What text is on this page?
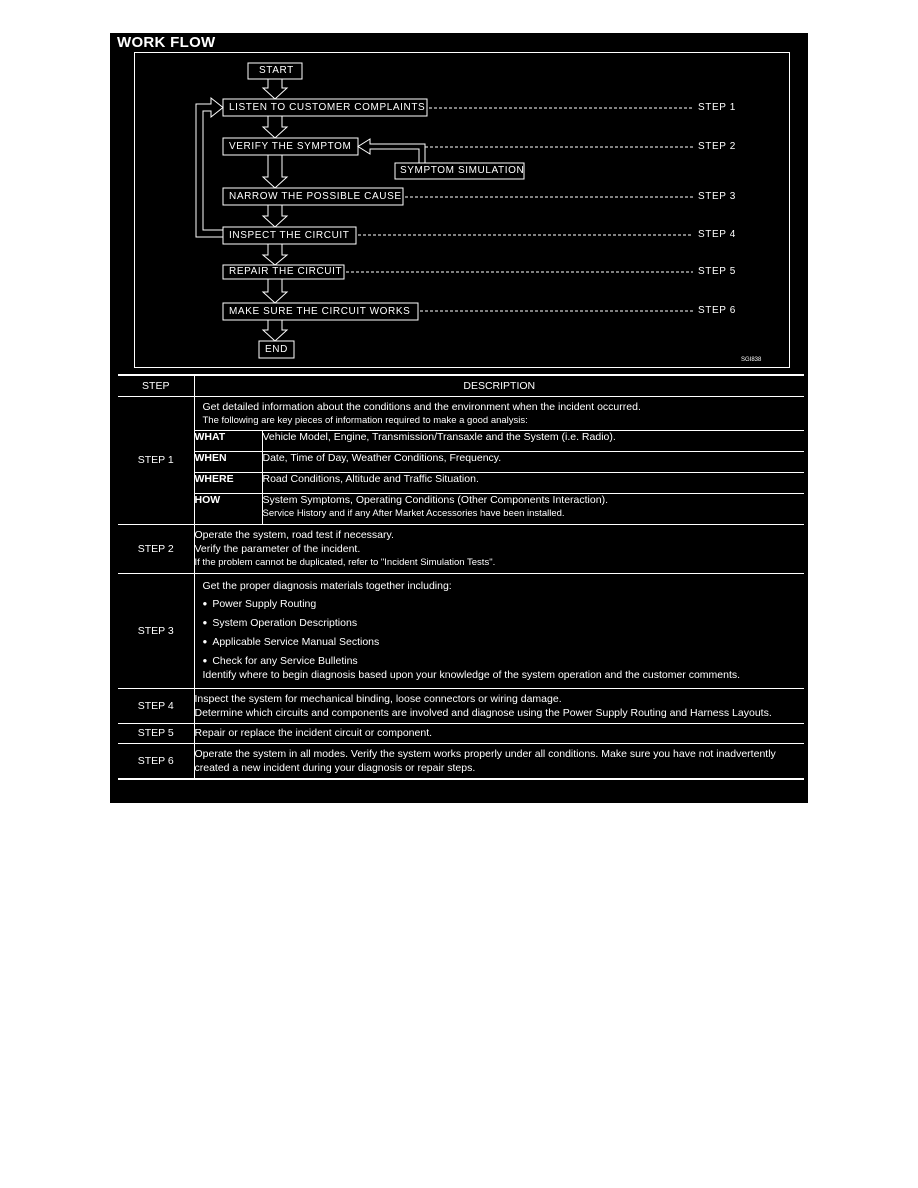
WORK FLOW
START
LISTEN TO CUSTOMER COMPLAINTS
VERIFY THE SYMPTOM
SYMPTOM SIMULATION
NARROW THE POSSIBLE CAUSE
INSPECT THE CIRCUIT
REPAIR THE CIRCUIT
MAKE SURE THE CIRCUIT WORKS
END
STEP 1
STEP 2
STEP 3
STEP 4
STEP 5
STEP 6
SGI838
STEP	DESCRIPTION
STEP 1	
Get detailed information about the conditions and the environment when the incident occurred.
The following are key pieces of information required to make a good analysis:
WHAT	Vehicle Model, Engine, Transmission/Transaxle and the System (i.e. Radio).
WHEN	Date, Time of Day, Weather Conditions, Frequency.
WHERE	Road Conditions, Altitude and Traffic Situation.
HOW	System Symptoms, Operating Conditions (Other Components Interaction).
Service History and if any After Market Accessories have been installed.

STEP 2	
Operate the system, road test if necessary.
Verify the parameter of the incident.
If the problem cannot be duplicated, refer to "Incident Simulation Tests".

STEP 3	
Get the proper diagnosis materials together including:
● Power Supply Routing
● System Operation Descriptions
● Applicable Service Manual Sections
● Check for any Service Bulletins
Identify where to begin diagnosis based upon your knowledge of the system operation and the customer comments.

STEP 4	
Inspect the system for mechanical binding, loose connectors or wiring damage.
Determine which circuits and components are involved and diagnose using the Power Supply Routing and Harness Layouts.

STEP 5	Repair or replace the incident circuit or component.

STEP 6	
Operate the system in all modes. Verify the system works properly under all conditions. Make sure you have not inadvertently created a new incident during your diagnosis or repair steps.
